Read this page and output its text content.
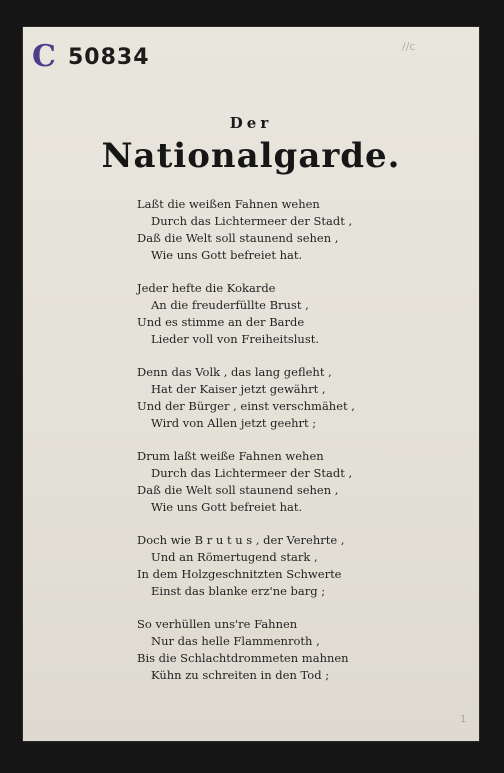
C 50834	//c
Der
Nationalgarde.
Laßt die weißen Fahnen wehen
Durch das Lichtermeer der Stadt ,
Daß die Welt soll staunend sehen ,
Wie uns Gott befreiet hat.
Jeder hefte die Kokarde
An die freuderfüllte Brust ,
Und es stimme an der Barde
Lieder voll von Freiheitslust.
Denn das Volk , das lang gefleht ,
Hat der Kaiser jetzt gewährt ,
Und der Bürger , einst verschmähet ,
Wird von Allen jetzt geehrt ;
Drum laßt weiße Fahnen wehen
Durch das Lichtermeer der Stadt ,
Daß die Welt soll staunend sehen ,
Wie uns Gott befreiet hat.
Doch wie B r u t u s , der Verehrte ,
Und an Römertugend stark ,
In dem Holzgeschnitzten Schwerte
Einst das blanke erz'ne barg ;
So verhüllen uns're Fahnen
Nur das helle Flammenroth ,
Bis die Schlachtdrommeten mahnen
Kühn zu schreiten in den Tod ;
1
